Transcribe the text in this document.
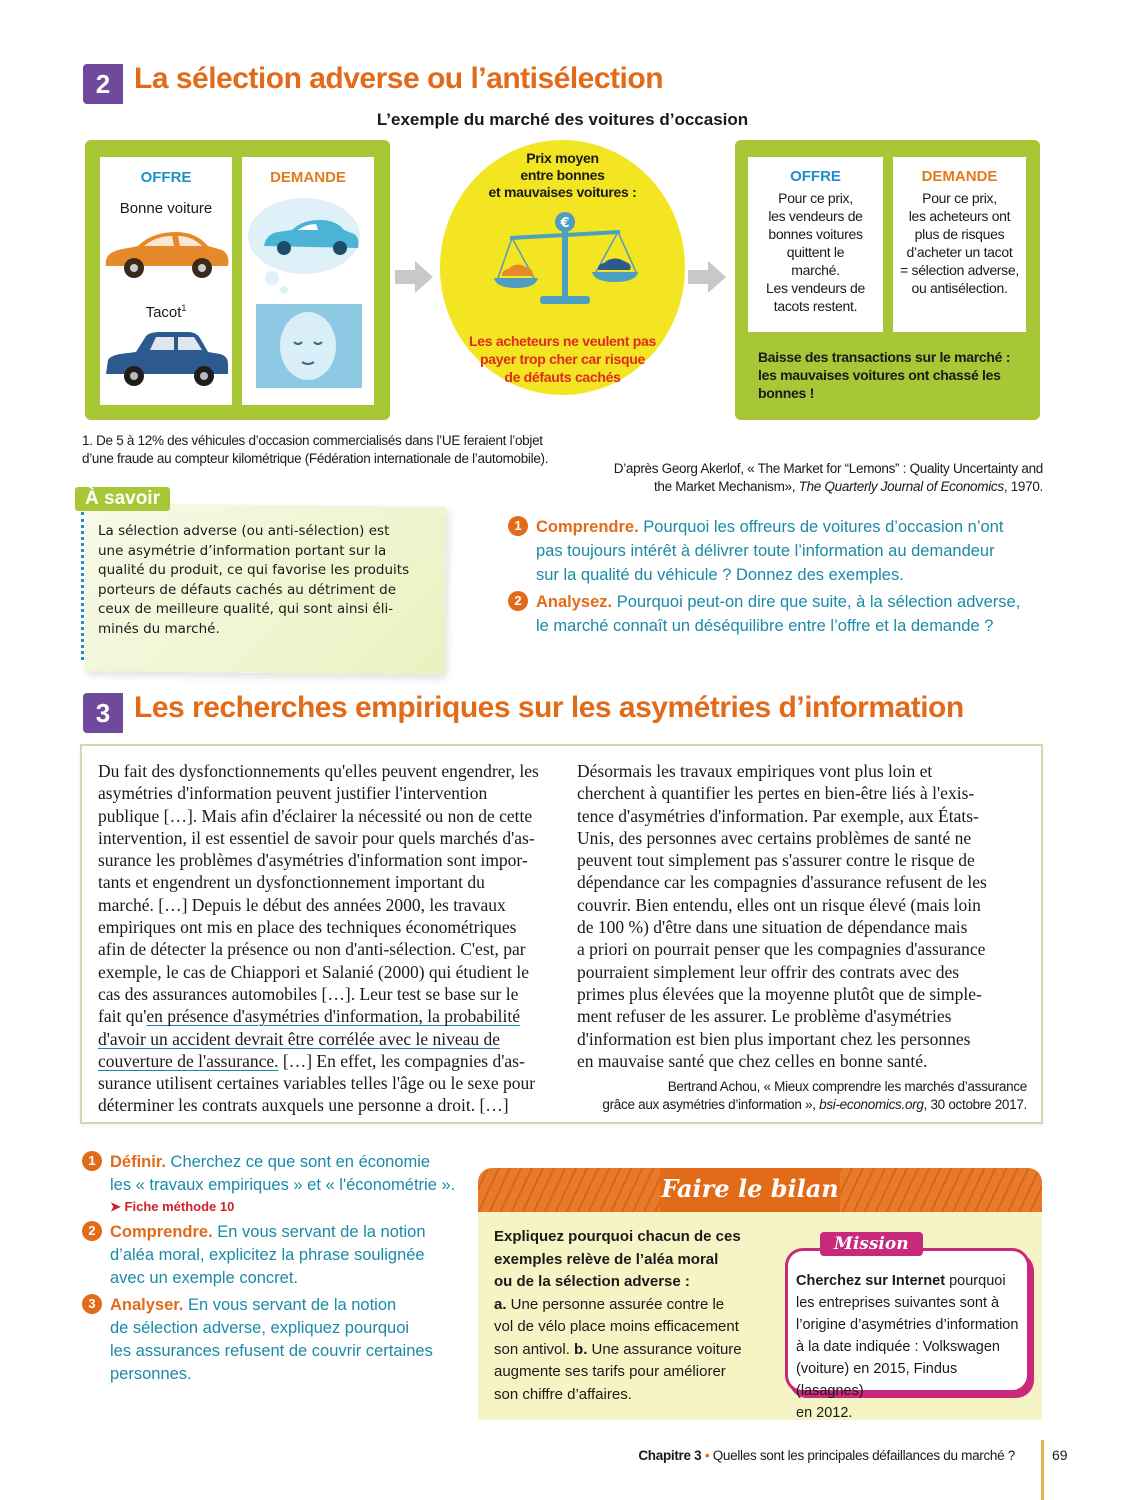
2 La sélection adverse ou l’antisélection
L’exemple du marché des voitures d’occasion
OFFRE
Bonne voiture
Tacot$^1$
DEMANDE
Prix moyen
entre bonnes
et mauvaises voitures :
€
Les acheteurs ne veulent pas
payer trop cher car risque
de défauts cachés
OFFRE
Pour ce prix,
les vendeurs de
bonnes voitures
quittent le
marché.
Les vendeurs de
tacots restent.
DEMANDE
Pour ce prix,
les acheteurs ont
plus de risques
d’acheter un tacot
= sélection adverse,
ou antisélection.
Baisse des transactions sur le marché :
les mauvaises voitures ont chassé les
bonnes !
1. De 5 à 12% des véhicules d’occasion commercialisés dans l’UE feraient l’objet
d’une fraude au compteur kilométrique (Fédération internationale de l’automobile).
D’après Georg Akerlof, « The Market for “Lemons” : Quality Uncertainty and
the Market Mechanism», The Quarterly Journal of Economics, 1970.
À savoir
La sélection adverse (ou anti-sélection) est
une asymétrie d’information portant sur la
qualité du produit, ce qui favorise les produits
porteurs de défauts cachés au détriment de
ceux de meilleure qualité, qui sont ainsi éli-
minés du marché.
1 Comprendre. Pourquoi les offreurs de voitures d’occasion n’ont
pas toujours intérêt à délivrer toute l’information au demandeur
sur la qualité du véhicule ? Donnez des exemples.
2 Analysez. Pourquoi peut-on dire que suite, à la sélection adverse,
le marché connaît un déséquilibre entre l’offre et la demande ?
3 Les recherches empiriques sur les asymétries d’information
Du fait des dysfonctionnements qu'elles peuvent engendrer, les
asymétries d'information peuvent justifier l'intervention
publique […]. Mais afin d'éclairer la nécessité ou non de cette
intervention, il est essentiel de savoir pour quels marchés d'as-
surance les problèmes d'asymétries d'information sont impor-
tants et engendrent un dysfonctionnement important du
marché. […] Depuis le début des années 2000, les travaux
empiriques ont mis en place des techniques économétriques
afin de détecter la présence ou non d'anti-sélection. C'est, par
exemple, le cas de Chiappori et Salanié (2000) qui étudient le
cas des assurances automobiles […]. Leur test se base sur le
fait qu'en présence d'asymétries d'information, la probabilité
d'avoir un accident devrait être corrélée avec le niveau de
couverture de l'assurance. […] En effet, les compagnies d'as-
surance utilisent certaines variables telles l'âge ou le sexe pour
déterminer les contrats auxquels une personne a droit. […]
Désormais les travaux empiriques vont plus loin et
cherchent à quantifier les pertes en bien-être liés à l'exis-
tence d'asymétries d'information. Par exemple, aux États-
Unis, des personnes avec certains problèmes de santé ne
peuvent tout simplement pas s'assurer contre le risque de
dépendance car les compagnies d'assurance refusent de les
couvrir. Bien entendu, elles ont un risque élevé (mais loin
de 100 %) d'être dans une situation de dépendance mais
a priori on pourrait penser que les compagnies d'assurance
pourraient simplement leur offrir des contrats avec des
primes plus élevées que la moyenne plutôt que de simple-
ment refuser de les assurer. Le problème d'asymétries
d'information est bien plus important chez les personnes
en mauvaise santé que chez celles en bonne santé.
Bertrand Achou, « Mieux comprendre les marchés d’assurance
grâce aux asymétries d’information », bsi-economics.org, 30 octobre 2017.
1 Définir. Cherchez ce que sont en économie
les « travaux empiriques » et « l'économétrie ».
➤ Fiche méthode 10
2 Comprendre. En vous servant de la notion
d’aléa moral, explicitez la phrase soulignée
avec un exemple concret.
3 Analyser. En vous servant de la notion
de sélection adverse, expliquez pourquoi
les assurances refusent de couvrir certaines
personnes.
Faire le bilan
Expliquez pourquoi chacun de ces
exemples relève de l’aléa moral
ou de la sélection adverse :
a. Une personne assurée contre le
vol de vélo place moins efficacement
son antivol. b. Une assurance voiture
augmente ses tarifs pour améliorer
son chiffre d’affaires.
Mission
Cherchez sur Internet pourquoi
les entreprises suivantes sont à
l’origine d’asymétries d’information
à la date indiquée : Volkswagen
(voiture) en 2015, Findus (lasagnes)
en 2012.
Chapitre 3 • Quelles sont les principales défaillances du marché ?	69
